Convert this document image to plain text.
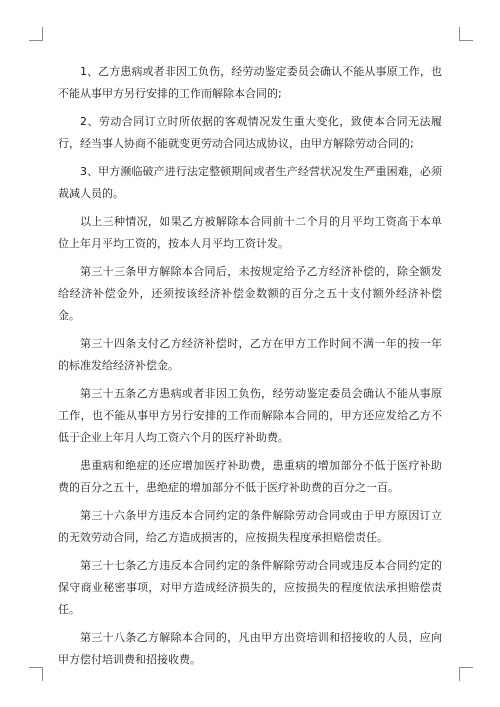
1、乙方患病或者非因工负伤，经劳动鉴定委员会确认不能从事原工作，也不能从事甲方另行安排的工作而解除本合同的;

2、劳动合同订立时所依据的客观情况发生重大变化，致使本合同无法履行，经当事人协商不能就变更劳动合同达成协议，由甲方解除劳动合同的;

3、甲方濒临破产进行法定整顿期间或者生产经营状况发生严重困难，必须裁减人员的。

以上三种情况，如果乙方被解除本合同前十二个月的月平均工资高于本单位上年月平均工资的，按本人月平均工资计发。

第三十三条甲方解除本合同后，未按规定给予乙方经济补偿的，除全额发给经济补偿金外，还须按该经济补偿金数额的百分之五十支付额外经济补偿金。

第三十四条支付乙方经济补偿时，乙方在甲方工作时间不满一年的按一年的标准发给经济补偿金。

第三十五条乙方患病或者非因工负伤，经劳动鉴定委员会确认不能从事原工作，也不能从事甲方另行安排的工作而解除本合同的，甲方还应发给乙方不低于企业上年月人均工资六个月的医疗补助费。

患重病和绝症的还应增加医疗补助费，患重病的增加部分不低于医疗补助费的百分之五十，患绝症的增加部分不低于医疗补助费的百分之一百。

第三十六条甲方违反本合同约定的条件解除劳动合同或由于甲方原因订立的无效劳动合同，给乙方造成损害的，应按损失程度承担赔偿责任。

第三十七条乙方违反本合同约定的条件解除劳动合同或违反本合同约定的保守商业秘密事项，对甲方造成经济损失的，应按损失的程度依法承担赔偿责任。

第三十八条乙方解除本合同的，凡由甲方出资培训和招接收的人员，应向甲方偿付培训费和招接收费。
